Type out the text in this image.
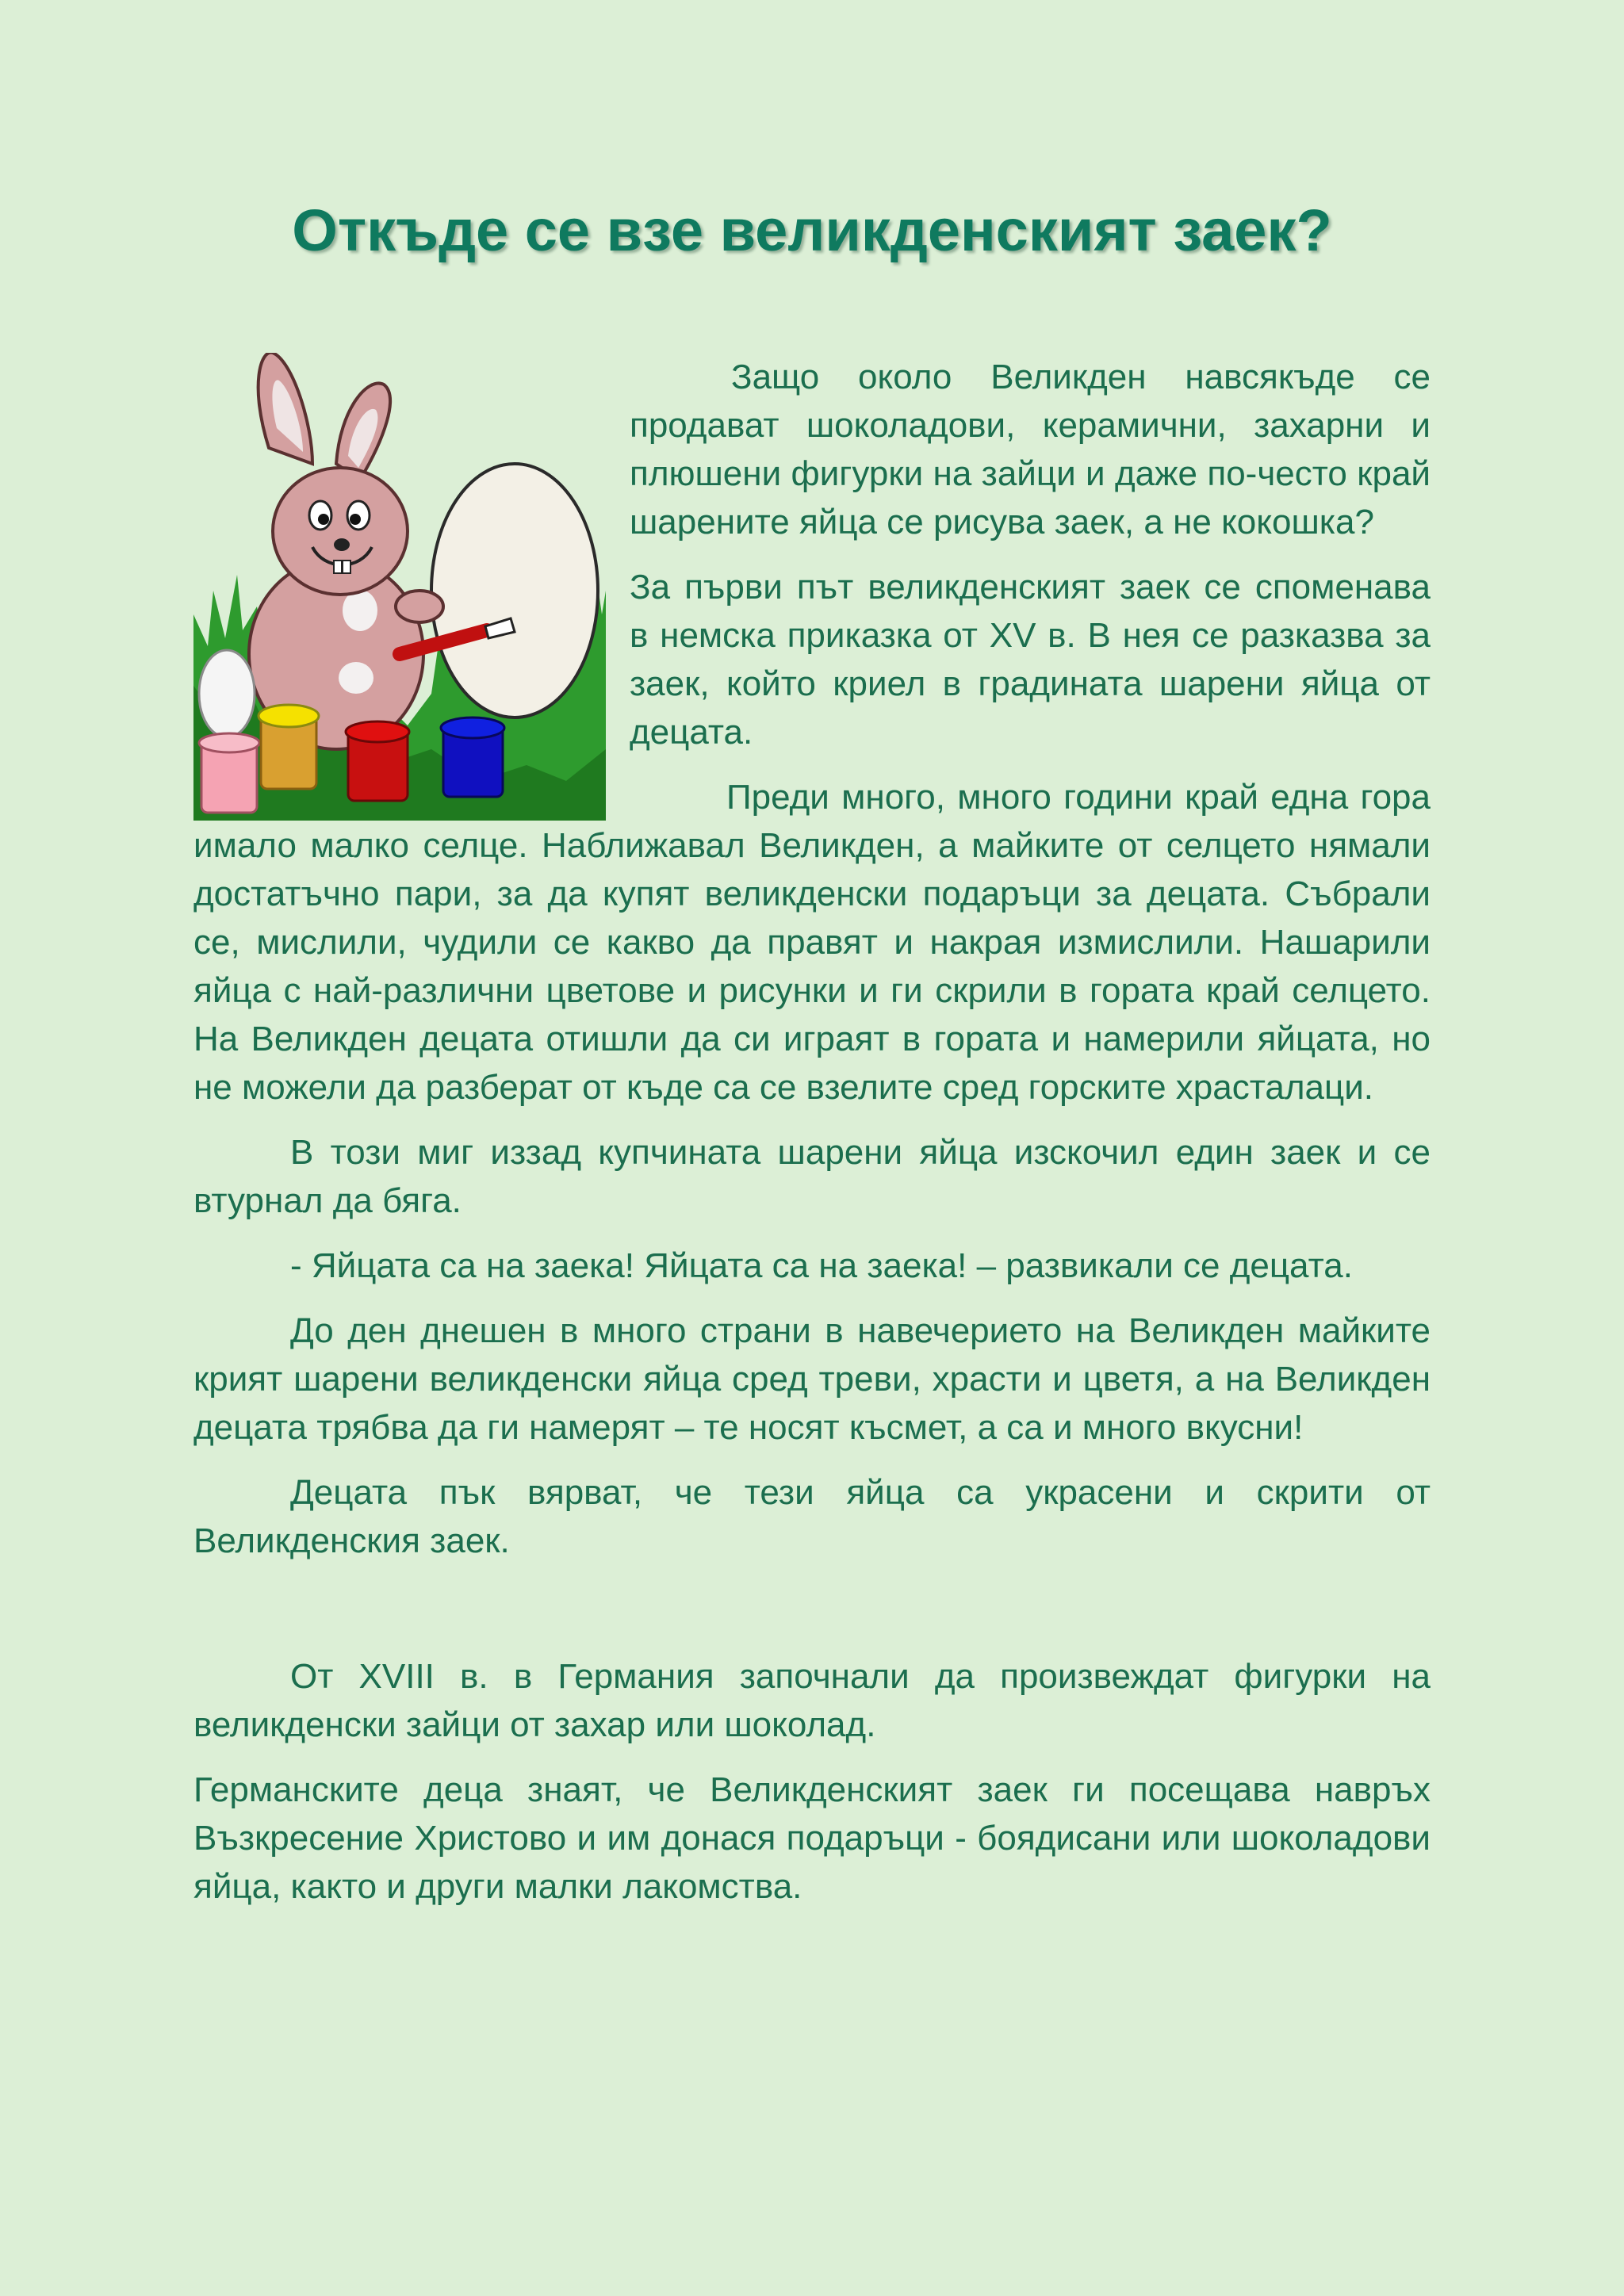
Откъде се взе великденският заек?

Защо около Великден навсякъде се продават шоколадови, керамични, захарни и плюшени фигурки на зайци и даже по-често край шарените яйца се рисува заек, а не кокошка?

За първи път великденският заек се споменава в немска приказка от XV в. В нея се разказва за заек, който криел в градината шарени яйца от децата.

Преди много, много години край една гора имало малко селце. Наближавал Великден, а майките от селцето нямали достатъчно пари, за да купят великденски подаръци за децата. Събрали се, мислили, чудили се какво да правят и накрая измислили. Нашарили яйца с най-различни цветове и рисунки и ги скрили в гората край селцето. На Великден децата отишли да си играят в гората и намерили яйцата, но не можели да разберат от къде са се взелите сред горските храсталаци.

В този миг иззад купчината шарени яйца изскочил един заек и се втурнал да бяга.

- Яйцата са на заека! Яйцата са на заека! – развикали се децата.

До ден днешен в много страни в навечерието на Великден майките крият шарени великденски яйца сред треви, храсти и цветя, а на Великден децата трябва да ги намерят – те носят късмет, а са и много вкусни!

Децата пък вярват, че тези яйца са украсени и скрити от Великденския заек.

От XVIII в. в Германия започнали да произвеждат фигурки на великденски зайци от захар или шоколад.

Германските деца знаят, че Великденският заек ги посещава навръх Възкресение Христово и им донася подаръци - боядисани или шоколадови яйца, както и други малки лакомства.
